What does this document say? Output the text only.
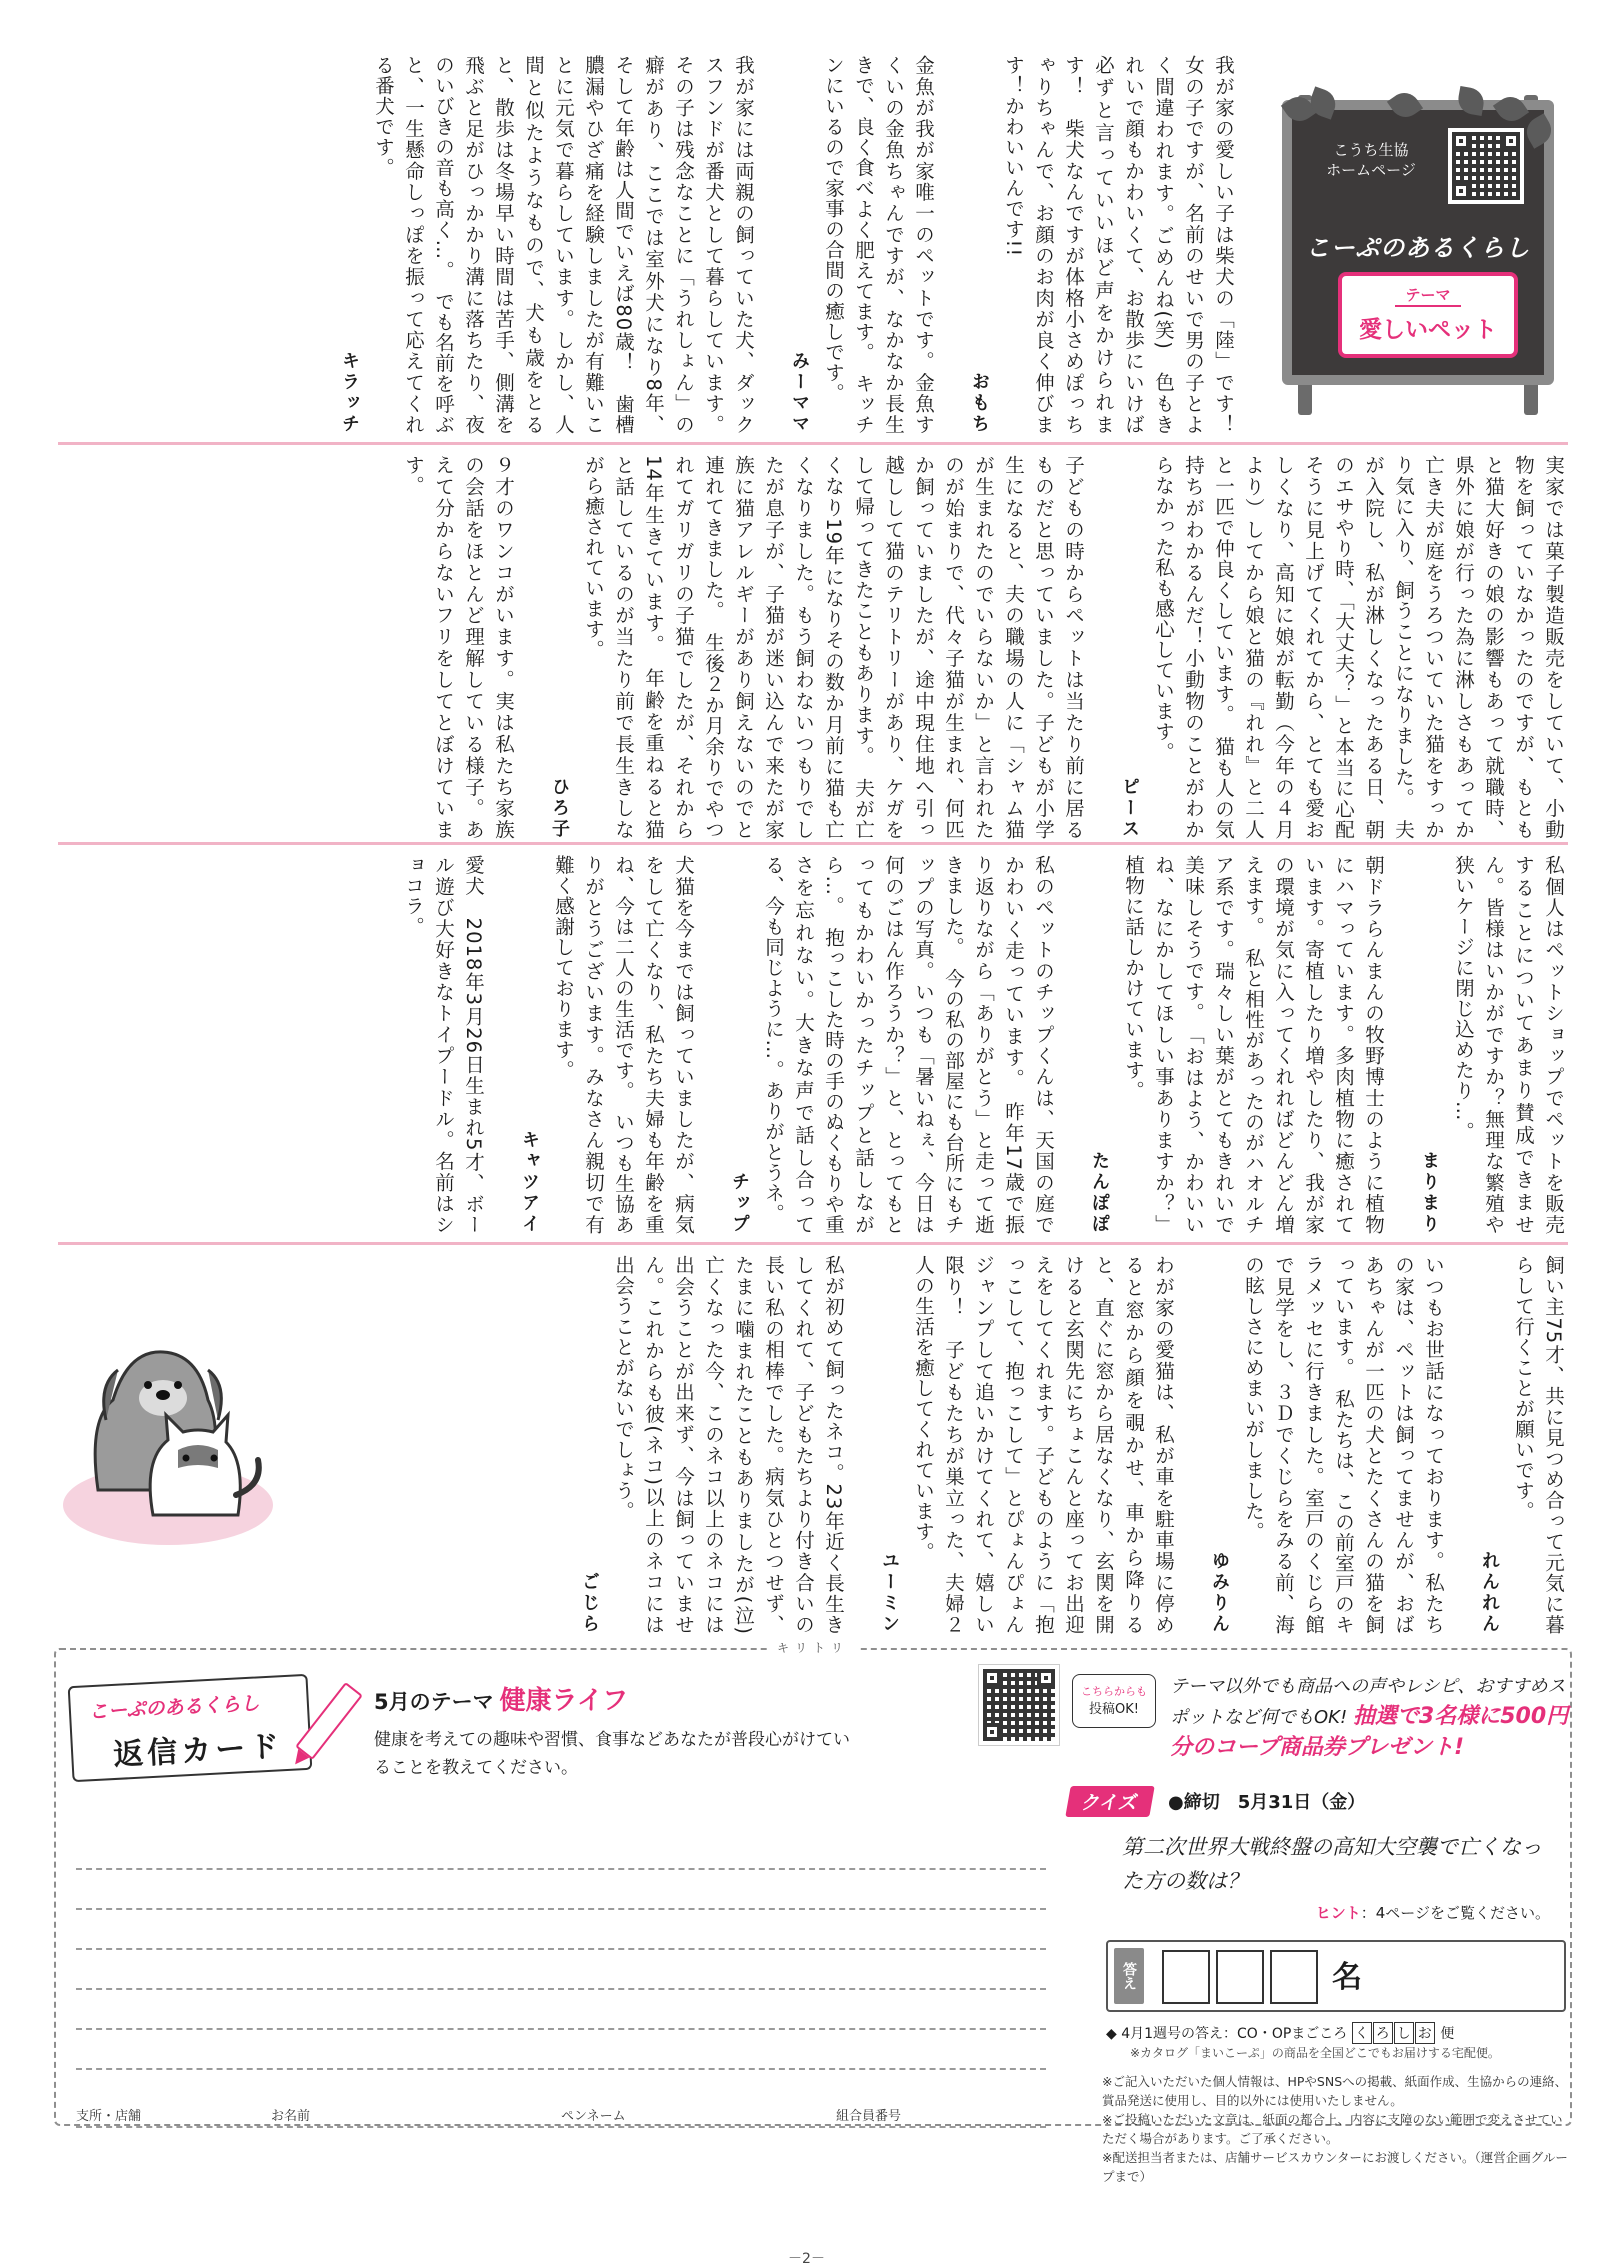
こうち生協
ホームページ
こーぷのあるくらし
テーマ
愛しいペット
我が家の愛しい子は柴犬の「陸」です！女の子ですが、名前のせいで男の子とよく間違われます。ごめんね(笑)　色もきれいで顔もかわいくて、お散歩にいけば必ずと言っていいほど声をかけられます！　柴犬なんですが体格小さめぽっちゃりちゃんで、お顔のお肉が良く伸びます！かわいいんです!!
おもち
金魚が我が家唯一のペットです。金魚すくいの金魚ちゃんですが、なかなか長生きで、良く食べよく肥えてます。　キッチンにいるので家事の合間の癒しです。
みーママ
我が家には両親の飼っていた犬、ダックスフンドが番犬として暮らしています。その子は残念なことに「うれしょん」の癖があり、ここでは室外犬になり8年、そして年齢は人間でいえば80歳！　歯槽膿漏やひざ痛を経験しましたが有難いことに元気で暮らしています。しかし、人間と似たようなもので、犬も歳をとると、散歩は冬場早い時間は苦手、側溝を飛ぶと足がひっかかり溝に落ちたり、夜のいびきの音も高く…。　でも名前を呼ぶと、一生懸命しっぽを振って応えてくれる番犬です。
キラッチ
実家では菓子製造販売をしていて、小動物を飼っていなかったのですが、もともと猫大好きの娘の影響もあって就職時、県外に娘が行った為に淋しさもあってか亡き夫が庭をうろついていた猫をすっかり気に入り、飼うことになりました。　夫が入院し、私が淋しくなったある日、朝のエサやり時、「大丈夫？」と本当に心配そうに見上げてくれてから、とても愛おしくなり、高知に娘が転勤（今年の４月より）してから娘と猫の『れれ』と二人と一匹で仲良くしています。　猫も人の気持ちがわかるんだ！小動物のことがわからなかった私も感心しています。
ピース
子どもの時からペットは当たり前に居るものだと思っていました。子どもが小学生になると、夫の職場の人に「シャム猫が生まれたのでいらないか」と言われたのが始まりで、代々子猫が生まれ、何匹か飼っていましたが、途中現住地へ引っ越しして猫のテリトリーがあり、ケガをして帰ってきたこともあります。　夫が亡くなり19年になりその数か月前に猫も亡くなりました。もう飼わないつもりでしたが息子が、子猫が迷い込んで来たが家族に猫アレルギーがあり飼えないのでと連れてきました。　生後２か月余りでやつれてガリガリの子猫でしたが、それから14年生きています。　年齢を重ねると猫と話しているのが当たり前で長生きしながら癒されています。
ひろ子
９才のワンコがいます。実は私たち家族の会話をほとんど理解している様子。あえて分からないフリをしてとぼけています。
私個人はペットショップでペットを販売することについてあまり賛成できません。皆様はいかがですか？無理な繁殖や狭いケージに閉じ込めたり…。
まりまり
朝ドラらんまんの牧野博士のように植物にハマっています。多肉植物に癒されています。寄植したり増やしたり、我が家の環境が気に入ってくれればどんどん増えます。　私と相性があったのがハオルチア系です。瑞々しい葉がとてもきれいで美味しそうです。　「おはよう、かわいいね、なにかしてほしい事ありますか？」植物に話しかけています。
たんぽぽ
私のペットのチップくんは、天国の庭でかわいく走っています。　昨年17歳で振り返りながら「ありがとう」と走って逝きました。　今の私の部屋にも台所にもチップの写真。いつも「暑いねぇ、今日は何のごはん作ろうか？」と、とってもとってもかわいかったチップと話しながら…。　抱っこした時の手のぬくもりや重さを忘れない。大きな声で話し合ってる、今も同じように…。ありがとうネ。
チップ
犬猫を今までは飼っていましたが、病気をして亡くなり、私たち夫婦も年齢を重ね、今は二人の生活です。　いつも生協ありがとうございます。みなさん親切で有難く感謝しております。
キャツアイ
愛犬　2018年3月26日生まれ5才、ボール遊び大好きなトイプードル。名前はショコラ。
飼い主75才、共に見つめ合って元気に暮らして行くことが願いです。
れんれん
いつもお世話になっております。私たちの家は、ペットは飼ってませんが、おばあちゃんが一匹の犬とたくさんの猫を飼っています。　私たちは、この前室戸のキラメッセに行きました。室戸のくじら館で見学をし、３Ｄでくじらをみる前、海の眩しさにめまいがしました。
ゆみりん
わが家の愛猫は、私が車を駐車場に停めると窓から顔を覗かせ、車から降りると、直ぐに窓から居なくなり、玄関を開けると玄関先にちょこんと座ってお出迎えをしてくれます。子どものように「抱っこして、抱っこして」とぴょんぴょんジャンプして追いかけてくれて、嬉しい限り！　子どもたちが巣立った、夫婦２人の生活を癒してくれています。
ユーミン
私が初めて飼ったネコ。23年近く長生きしてくれて、子どもたちより付き合いの長い私の相棒でした。病気ひとつせず、たまに噛まれたこともありましたが(泣)　亡くなった今、このネコ以上のネコには出会うことが出来ず、今は飼っていません。これからも彼(ネコ)以上のネコには出会うことがないでしょう。
ごじら
キリトリ
こーぷのあるくらし
返信カード
5月のテーマ 健康ライフ
健康を考えての趣味や習慣、食事などあなたが普段心がけていることを教えてください。
こちらからも
投稿OK!
テーマ以外でも商品への声やレシピ、おすすめスポットなど何でもOK! 抽選で3名様に500円分のコープ商品券プレゼント!
クイズ	●締切　5月31日（金）
第二次世界大戦終盤の高知大空襲で亡くなった方の数は？
ヒント：4ページをご覧ください。
答え	名
◆ 4月1週号の答え：CO・OPまごころ く ろ し お 便
※カタログ「まいこーぷ」の商品を全国どこでもお届けする宅配便。
支所・店舗	お名前	ペンネーム	組合員番号
※ご記入いただいた個人情報は、HPやSNSへの掲載、紙面作成、生協からの連絡、賞品発送に使用し、目的以外には使用いたしません。
※ご投稿いただいた文章は、紙面の都合上、内容に支障のない範囲で変えさせていただく場合があります。ご了承ください。
※配送担当者または、店舗サービスカウンターにお渡しください。（運営企画グループまで）
－2－
